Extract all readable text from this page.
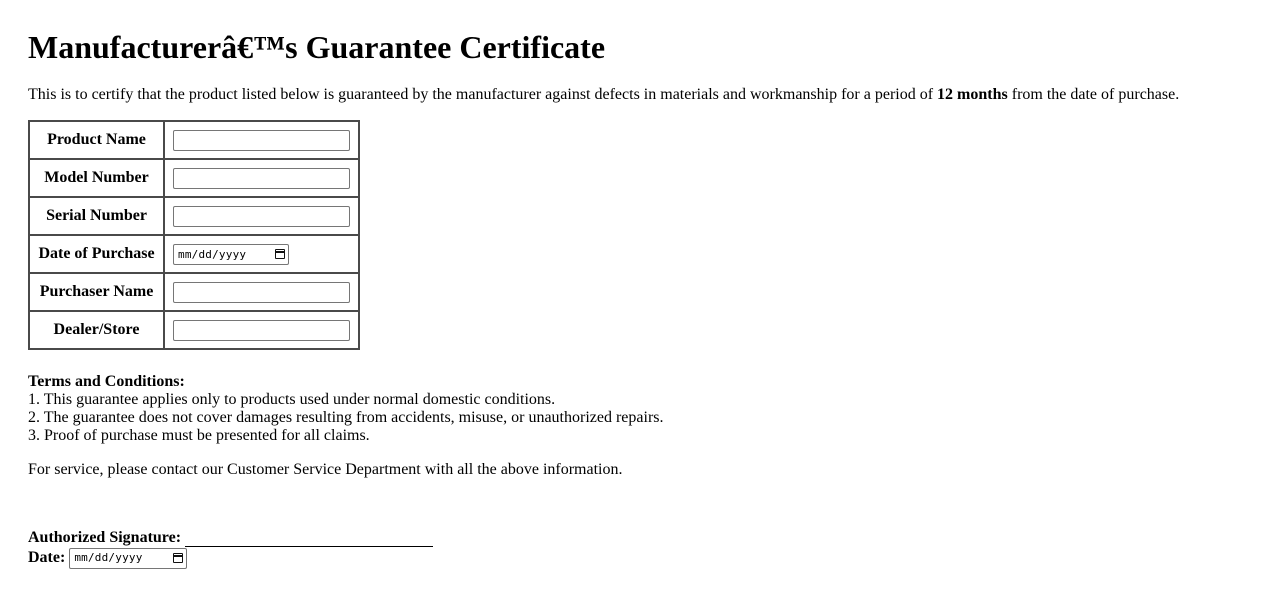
Manufacturerâ€™s Guarantee Certificate

This is to certify that the product listed below is guaranteed by the manufacturer against defects in materials and workmanship for a period of 12 months from the date of purchase.

Product Name	

Model Number	

Serial Number	

Date of Purchase	mm/dd/yyyy

Purchaser Name	

Dealer/Store	
Terms and Conditions:
1. This guarantee applies only to products used under normal domestic conditions.
2. The guarantee does not cover damages resulting from accidents, misuse, or unauthorized repairs.
3. Proof of purchase must be presented for all claims.

For service, please contact our Customer Service Department with all the above information.

Authorized Signature:
Date: mm/dd/yyyy
